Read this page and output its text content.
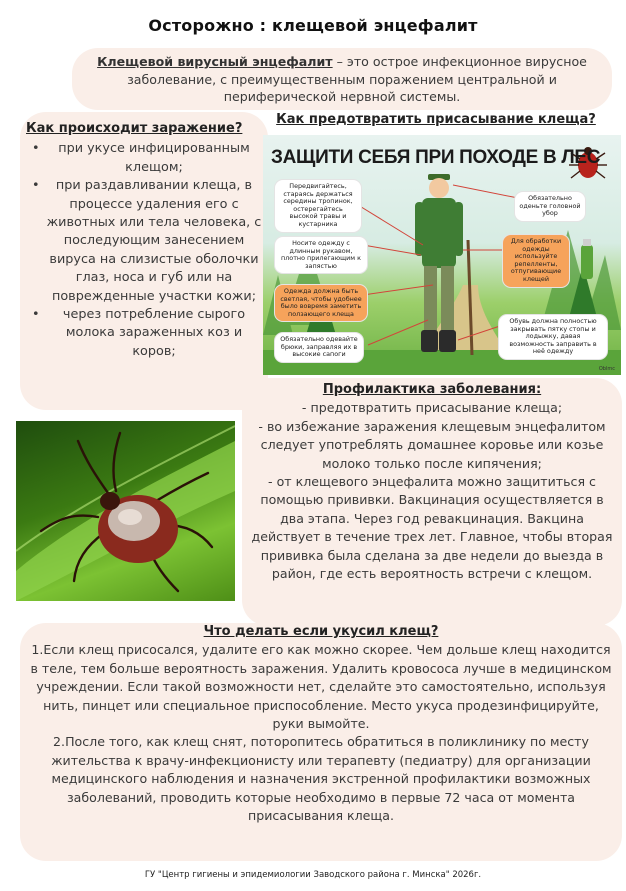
Осторожно : клещевой энцефалит
Клещевой вирусный энцефалит – это острое инфекционное вирусное заболевание, с преимущественным поражением центральной и периферической нервной системы.
Как происходит заражение?
• при укусе инфицированным клещом;
• при раздавливании клеща, в процессе удаления его с животных или тела человека, с последующим занесением вируса на слизистые оболочки глаз, носа и губ или на поврежденные участки кожи;
• через потребление сырого молока зараженных коз и коров;
Как предотвратить присасывание клеща?
ЗАЩИТИ СЕБЯ ПРИ ПОХОДЕ В ЛЕС
Передвигайтесь, стараясь держаться середины тропинок, остерегайтесь высокой травы и кустарника
Обязательно оденьте головной убор
Носите одежду с длинным рукавом, плотно прилегающим к запястью
Для обработки одежды используйте репелленты, отпугивающие клещей
Одежда должна быть светлая, чтобы удобнее было вовремя заметить ползающего клеща
Обязательно одевайте брюки, заправляя их в высокие сапоги
Обувь должна полностью закрывать пятку стопы и лодыжку, давая возможность заправить в неё одежду
Oblmc
Профилактика заболевания:

- предотвратить присасывание клеща;

- во избежание заражения клещевым энцефалитом следует употреблять домашнее коровье или козье молоко только после кипячения;

- от клещевого энцефалита можно защититься с помощью прививки. Вакцинация осуществляется в два этапа. Через год ревакцинация. Вакцина действует в течение трех лет. Главное, чтобы вторая прививка была сделана за две недели до выезда в район, где есть вероятность встречи с клещом.

Что делать если укусил клещ?

1.Если клещ присосался, удалите его как можно скорее. Чем дольше клещ находится в теле, тем больше вероятность заражения. Удалить кровососа лучше в медицинском учреждении. Если такой возможности нет, сделайте это самостоятельно, используя нить, пинцет или специальное приспособление. Место укуса продезинфицируйте, руки вымойте.

2.После того, как клещ снят, поторопитесь обратиться в поликлинику по месту жительства к врачу-инфекционисту или терапевту (педиатру) для организации медицинского наблюдения и назначения экстренной профилактики возможных заболеваний, проводить которые необходимо в первые 72 часа от момента присасывания клеща.

ГУ "Центр гигиены и эпидемиологии Заводского района г. Минска" 2026г.
